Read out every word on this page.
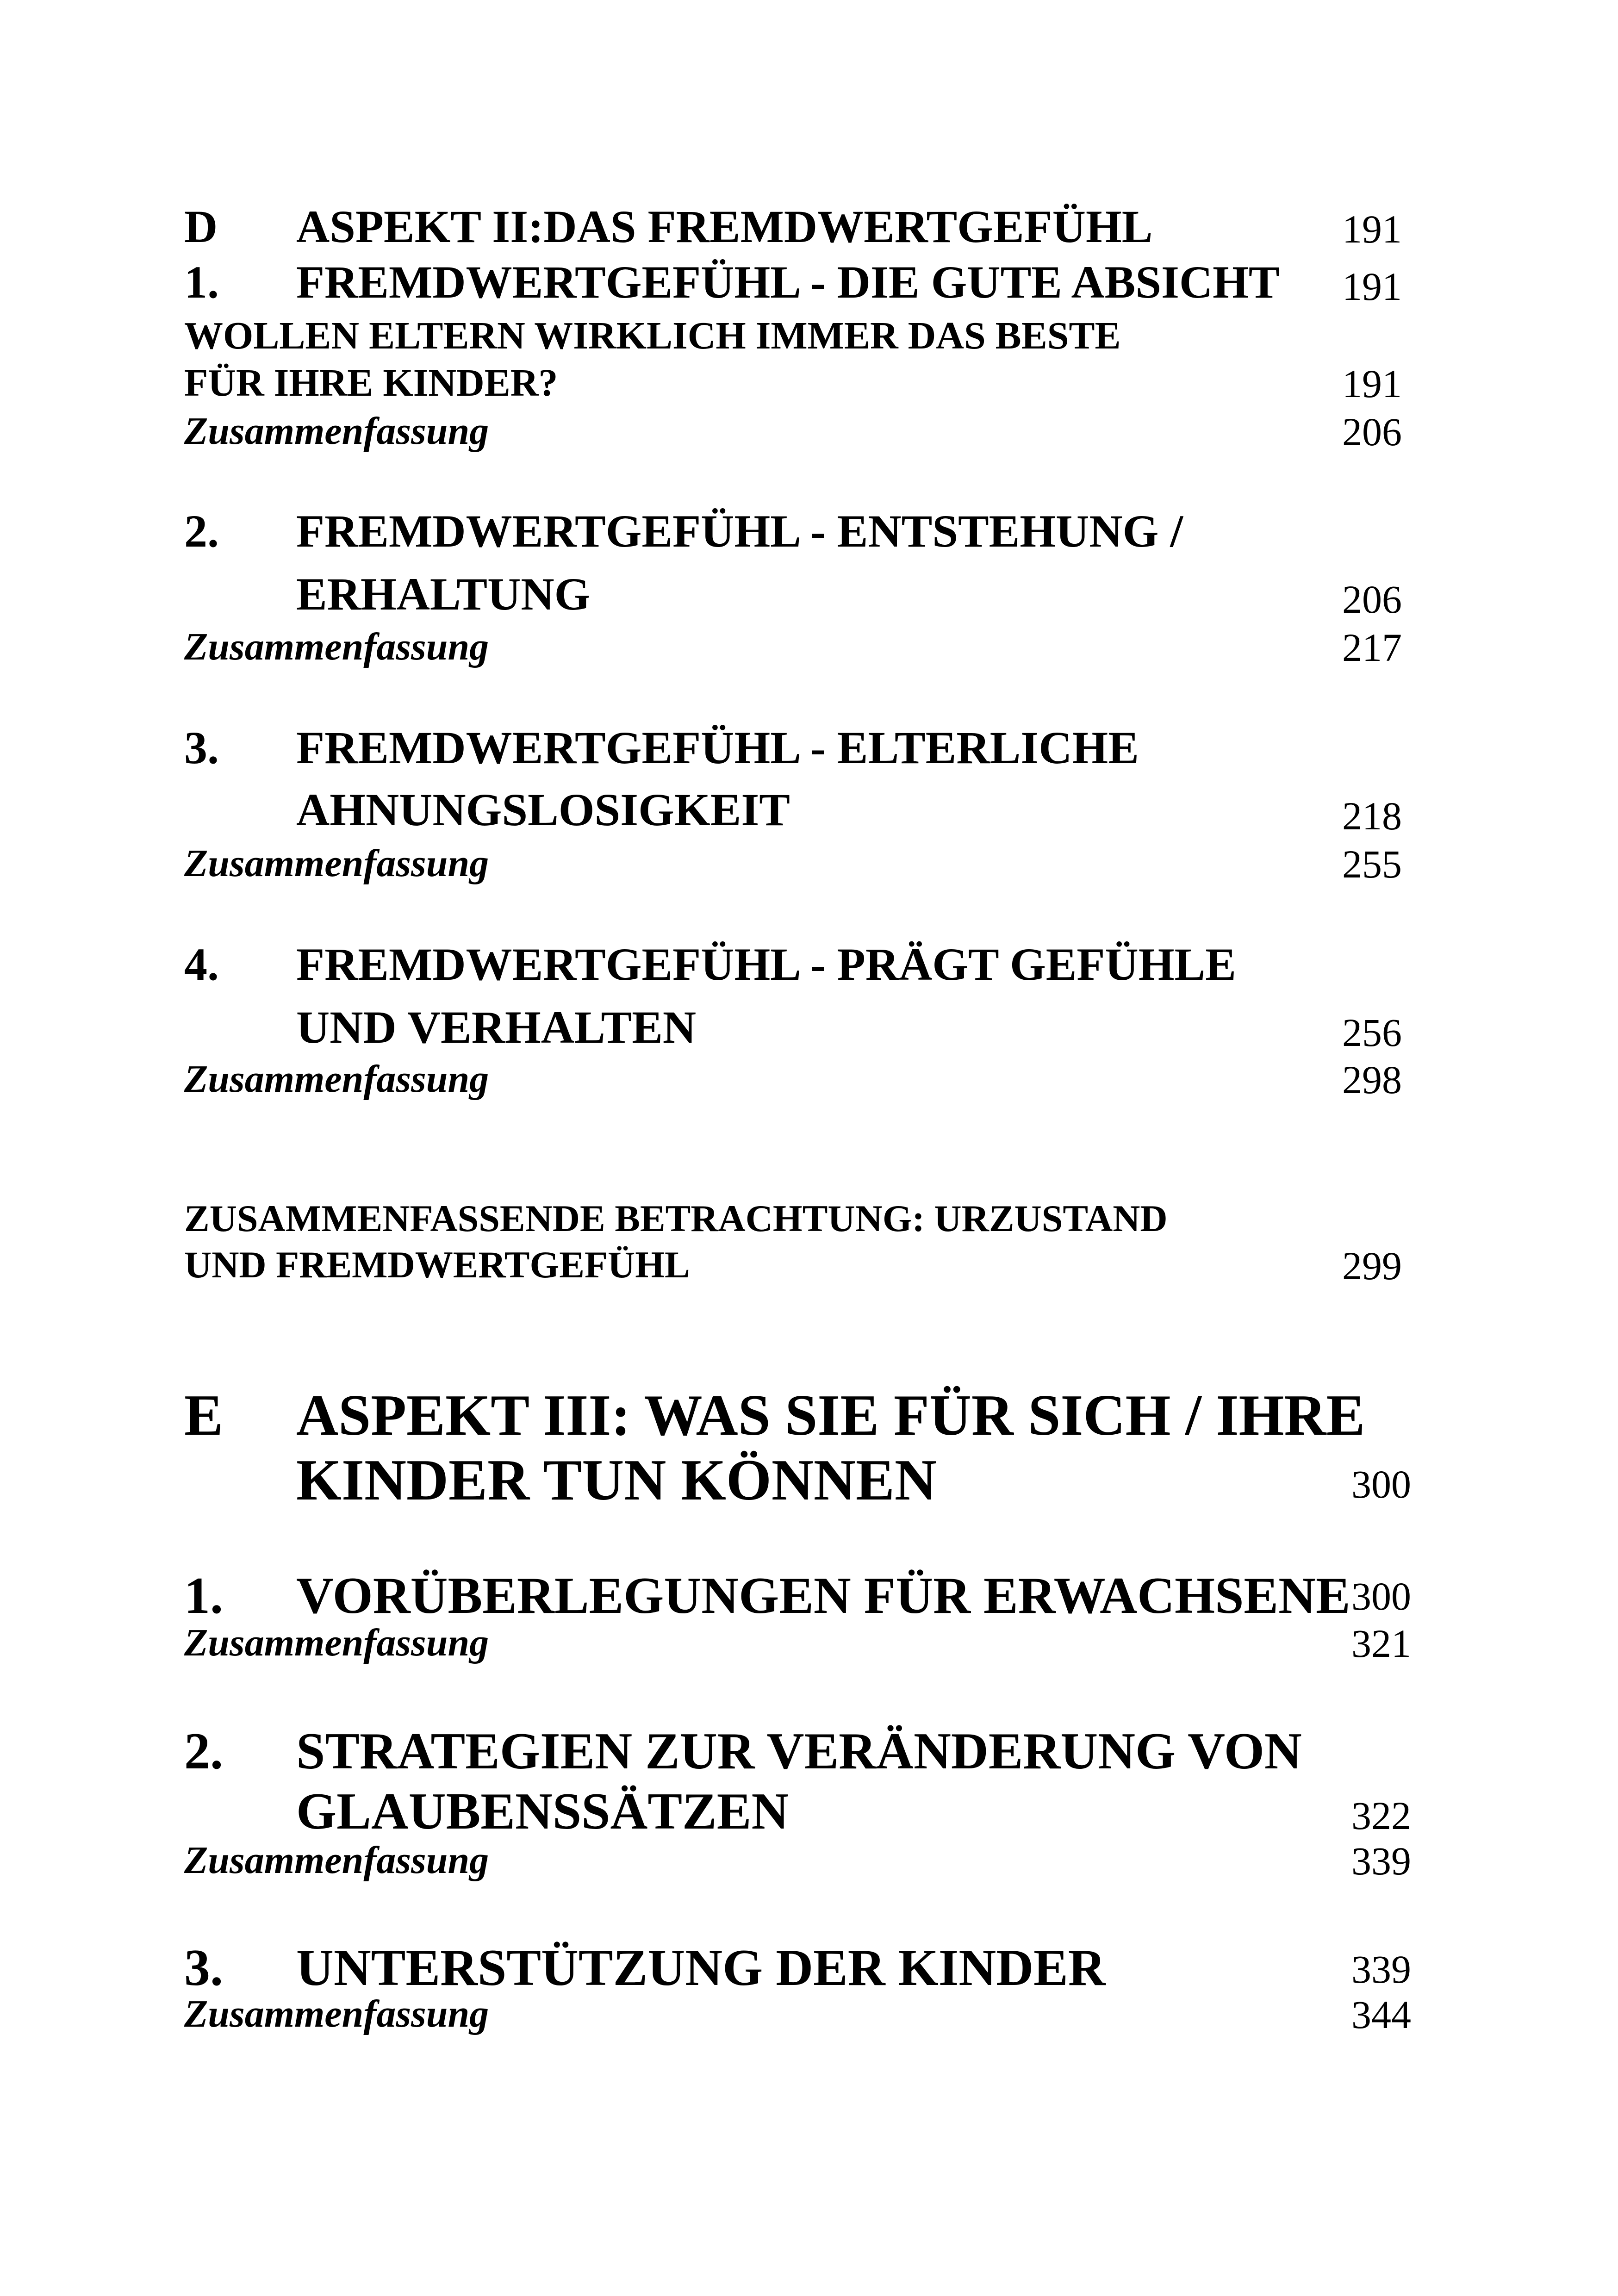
D ASPEKT II:DAS FREMDWERTGEFÜHL	191
1. FREMDWERTGEFÜHL - DIE GUTE ABSICHT 191
WOLLEN ELTERN WIRKLICH IMMER DAS BESTE
FÜR IHRE KINDER?	191
Zusammenfassung	206
2. FREMDWERTGEFÜHL - ENTSTEHUNG /
ERHALTUNG	206
Zusammenfassung	217
3. FREMDWERTGEFÜHL - ELTERLICHE
AHNUNGSLOSIGKEIT	218
Zusammenfassung	255
4. FREMDWERTGEFÜHL - PRÄGT GEFÜHLE
UND VERHALTEN	256
Zusammenfassung	298
ZUSAMMENFASSENDE BETRACHTUNG: URZUSTAND
UND FREMDWERTGEFÜHL	299
E ASPEKT III: WAS SIE FÜR SICH / IHRE
KINDER TUN KÖNNEN	300
1. VORÜBERLEGUNGEN FÜR ERWACHSENE 300
Zusammenfassung	321
2. STRATEGIEN ZUR VERÄNDERUNG VON
GLAUBENSSÄTZEN	322
Zusammenfassung	339
3. UNTERSTÜTZUNG DER KINDER	339
Zusammenfassung	344
